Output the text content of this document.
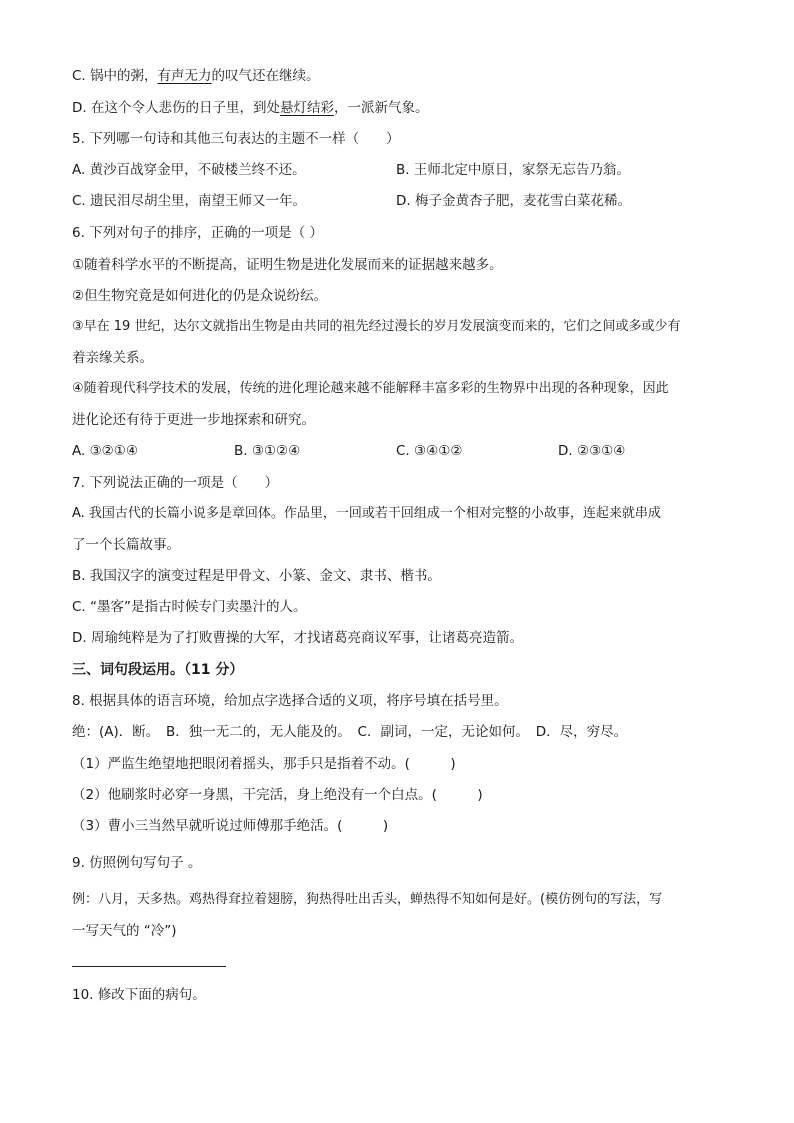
C. 锅中的粥，有声无力的叹气还在继续。
D. 在这个令人悲伤的日子里，到处悬灯结彩，一派新气象。
5. 下列哪一句诗和其他三句表达的主题不一样（　　）
A. 黄沙百战穿金甲，不破楼兰终不还。	B. 王师北定中原日，家祭无忘告乃翁。
C. 遗民泪尽胡尘里，南望王师又一年。	D. 梅子金黄杏子肥，麦花雪白菜花稀。
6. 下列对句子的排序，正确的一项是（ ）
①随着科学水平的不断提高，证明生物是进化发展而来的证据越来越多。
②但生物究竟是如何进化的仍是众说纷纭。
③早在 19 世纪，达尔文就指出生物是由共同的祖先经过漫长的岁月发展演变而来的，它们之间或多或少有
着亲缘关系。
④随着现代科学技术的发展，传统的进化理论越来越不能解释丰富多彩的生物界中出现的各种现象，因此
进化论还有待于更进一步地探索和研究。
A. ③②①④	B. ③①②④	C. ③④①②	D. ②③①④
7. 下列说法正确的一项是（　　）
A. 我国古代的长篇小说多是章回体。作品里，一回或若干回组成一个相对完整的小故事，连起来就串成
了一个长篇故事。
B. 我国汉字的演变过程是甲骨文、小篆、金文、隶书、楷书。
C. “墨客”是指古时候专门卖墨汁的人。
D. 周瑜纯粹是为了打败曹操的大军，才找诸葛亮商议军事，让诸葛亮造箭。
三、词句段运用。（11 分）
8. 根据具体的语言环境，给加点字选择合适的义项，将序号填在括号里。
绝：(A)．断。　B．独一无二的，无人能及的。　C．副词，一定，无论如何。　D．尽，穷尽。
（1）严监生绝望地把眼闭着摇头，那手只是指着不动。(　　　)
（2）他刷浆时必穿一身黑，干完活，身上绝没有一个白点。(　　　)
（3）曹小三当然早就听说过师傅那手绝活。(　　　)
9. 仿照例句写句子 。
例：八月，天多热。鸡热得耷拉着翅膀，狗热得吐出舌头，蝉热得不知如何是好。(模仿例句的写法，写
一写天气的 “冷”)
10. 修改下面的病句。
